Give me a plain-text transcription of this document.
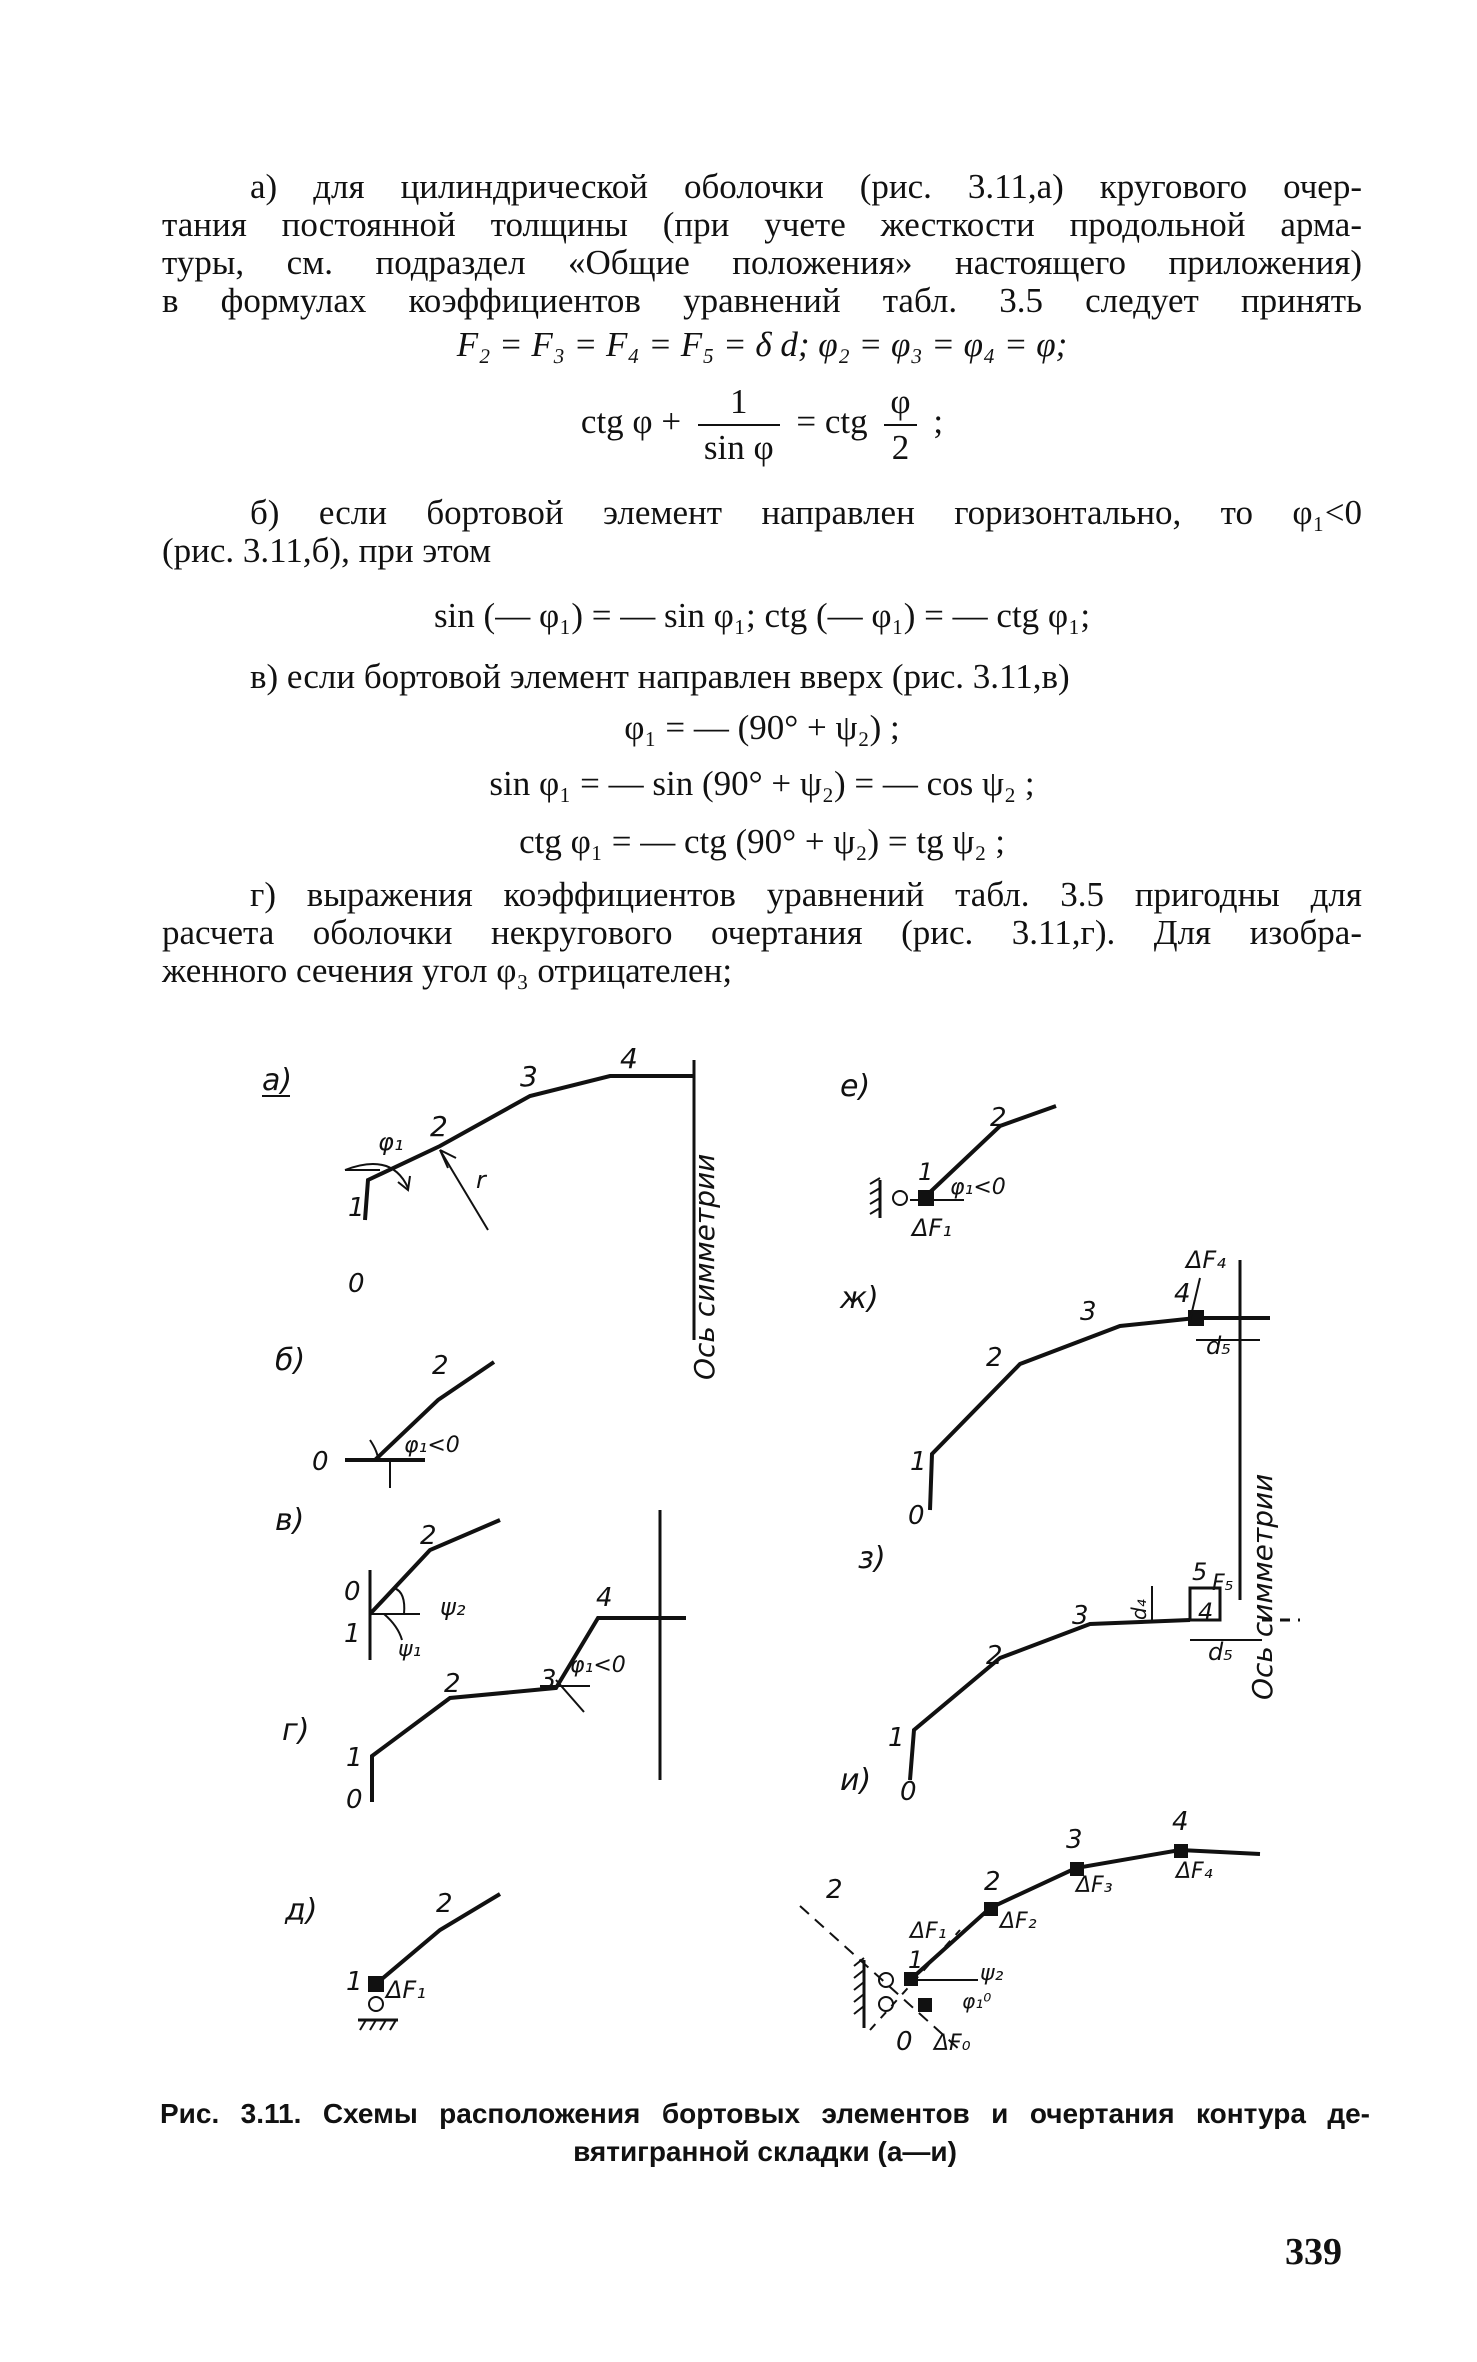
а) для цилиндрической оболочки (рис. 3.11,а) кругового очер-
тания постоянной толщины (при учете жесткости продольной арма-
туры, см. подраздел «Общие положения» настоящего приложения)
в формулах коэффициентов уравнений табл. 3.5 следует принять
F₂ = F₃ = F₄ = F₅ = δ d; φ₂ = φ₃ = φ₄ = φ;
ctg $\varphi + \frac{1}{\text{sin φ}}$ = ctg $\frac{\varphi}{2}$ ;
б) если бортовой элемент направлен горизонтально, то φ₁<0
(рис. 3.11,б), при этом
sin (— φ₁) = — sin φ₁; ctg (— φ₁) = — ctg φ₁;
в) если бортовой элемент направлен вверх (рис. 3.11,в)
φ₁ = — (90° + ψ₂) ;
sin φ₁ = — sin (90° + ψ₂) = — cos ψ₂ ;
ctg φ₁ = — ctg (90° + ψ₂) = tg ψ₂ ;
г) выражения коэффициентов уравнений табл. 3.5 пригодны для
расчета оболочки некругового очертания (рис. 3.11,г). Для изобра-
женного сечения угол φ₃ отрицателен;
а)
φ₁
1
0
2
3
4
r	Ось симметрии
б)
0
2
φ₁<0
в)
0
1
2
ψ₂
ψ₁
г)
1
0
2	3
4
φ₁<0
д)
1
2
ΔF₁
е)
2
1
φ₁<0
ΔF₁
ж)
1
0
2
3
4
ΔF₄
d₅
Ось симметрии
з)
1
0
2
3	4
5 F₅
d₄
d₅
и)
2
1
0
2
3
4
ΔF₁ ΔF₂
ΔF₃
ΔF₄
ΔF₀
ψ₂
φ₁⁰
Рис. 3.11. Схемы расположения бортовых элементов и очертания контура де-
вятигранной складки (а—и)
339
